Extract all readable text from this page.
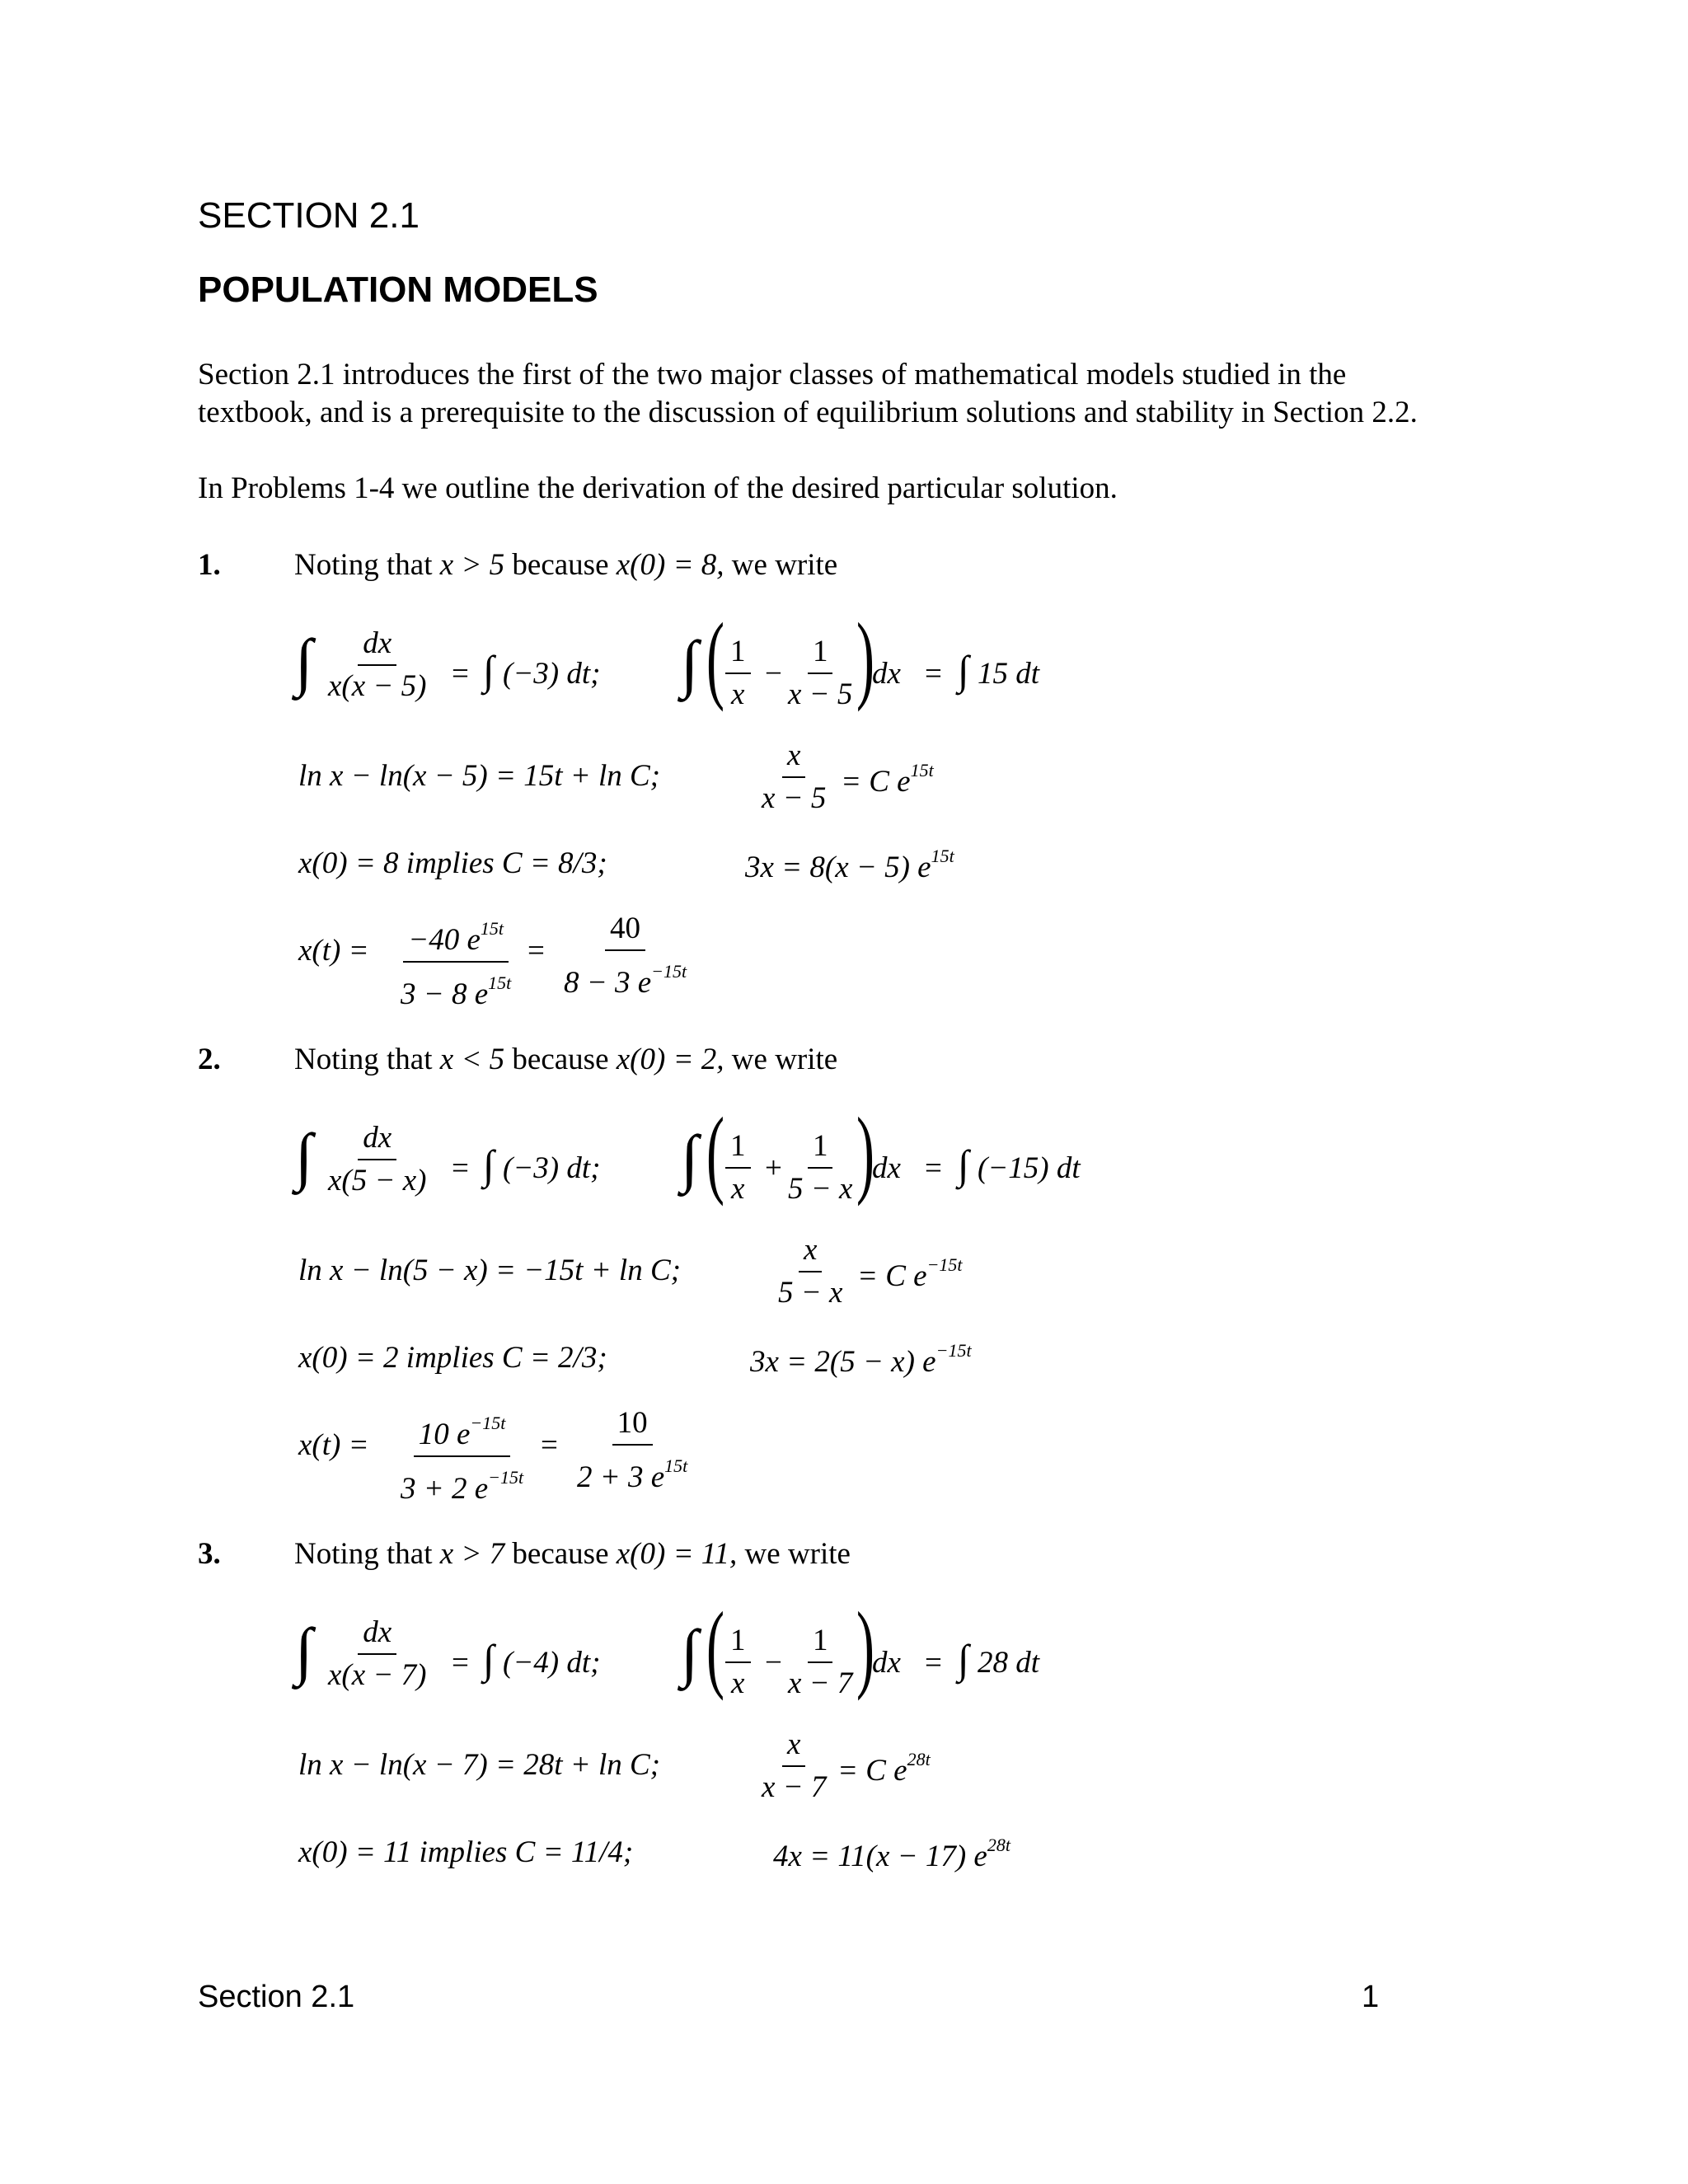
SECTION 2.1
POPULATION MODELS
Section 2.1 introduces the first of the two major classes of mathematical models studied in the
textbook, and is a prerequisite to the discussion of equilibrium solutions and stability in Section 2.2.
In Problems 1-4 we outline the derivation of the desired particular solution.
1. Noting that x > 5 because x(0) = 8, we write
∫ $\frac{dx}{x(x - 5)}$ = ∫ (−3) dt; ∫ ( $\frac{1}{x} - \frac{1}{x - 5}$
)
dx = ∫ 15 dt
ln x − ln(x − 5) = 15t + ln C;	$\frac{x}{x - 5} = C$ $e^{15t}$
x(0) = 8 implies C = 8/3;	3x = 8(x − 5) $e^{15t}$
$x(t) = \frac{-40 e^{15t}}{3 - 8 e^{15t}} = \frac{40}{8 - 3 e^{-15t}}$
2. Noting that x < 5 because x(0) = 2, we write
∫ $\frac{dx}{x(5 - x)}$ = ∫ (−3) dt; ∫ ( $\frac{1}{x} + \frac{1}{5 - x}$
)
dx = ∫ (−15) dt
ln x − ln(5 − x) = −15t + ln C;	$\frac{x}{5 - x} = C$ $e^{-15t}$
x(0) = 2 implies C = 2/3;	3x = 2(5 − x) $e^{-15t}$
$x(t) = \frac{10 e^{-15t}}{3 + 2 e^{-15t}} = \frac{10}{2 + 3 e^{15t}}$
3. Noting that x > 7 because x(0) = 11, we write
∫ $\frac{dx}{x(x - 7)}$ = ∫ (−4) dt; ∫ ( $\frac{1}{x} - \frac{1}{x - 7}$
)
dx = ∫ 28 dt
ln x − ln(x − 7) = 28t + ln C;	$\frac{x}{x - 7} = C$ $e^{28t}$
x(0) = 11 implies C = 11/4;	4x = 11(x − 17) $e^{28t}$
Section 2.1	1
